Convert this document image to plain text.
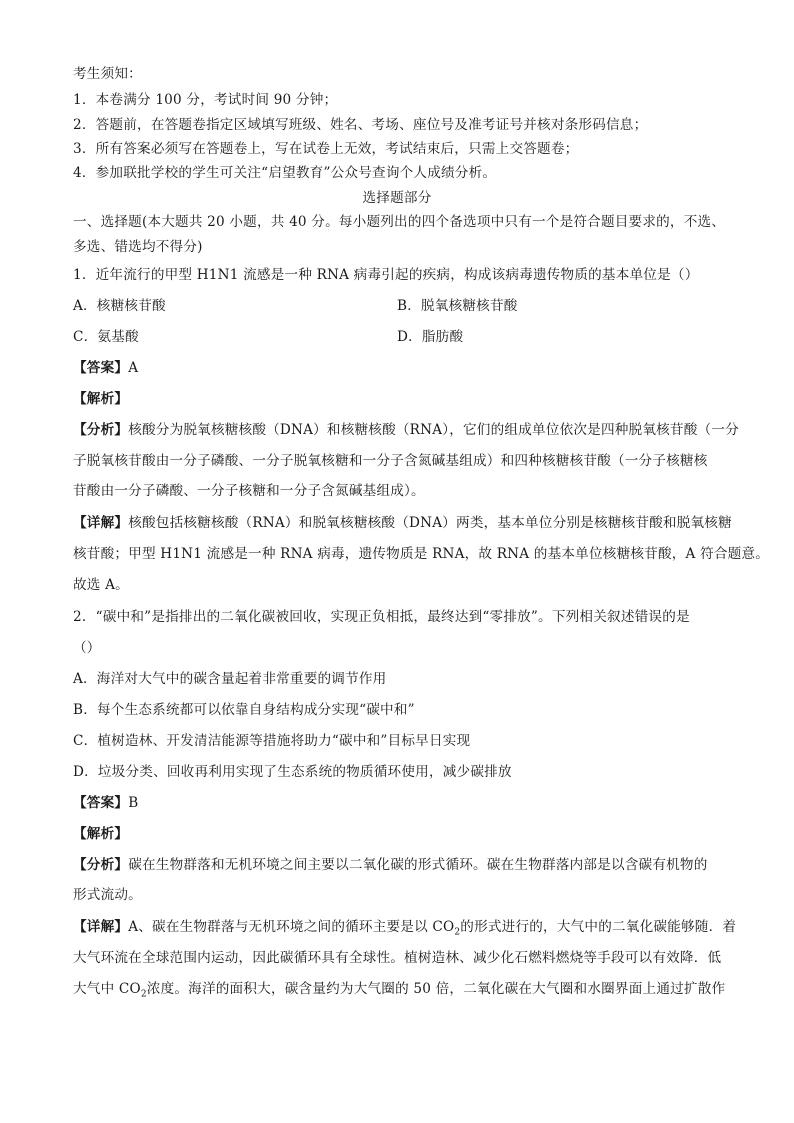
考生须知：
1．本卷满分 100 分，考试时间 90 分钟；
2．答题前，在答题卷指定区域填写班级、姓名、考场、座位号及准考证号并核对条形码信息；
3．所有答案必须写在答题卷上，写在试卷上无效，考试结束后，只需上交答题卷；
4．参加联批学校的学生可关注“启望教育”公众号查询个人成绩分析。
选择题部分
一、选择题(本大题共 20 小题，共 40 分。每小题列出的四个备选项中只有一个是符合题目要求的，不选、
多选、错选均不得分)
1．近年流行的甲型 H1N1 流感是一种 RNA 病毒引起的疾病，构成该病毒遗传物质的基本单位是（）
A．核糖核苷酸	B．脱氧核糖核苷酸
C．氨基酸	D．脂肪酸
【答案】A
【解析】
【分析】核酸分为脱氧核糖核酸（DNA）和核糖核酸（RNA），它们的组成单位依次是四种脱氧核苷酸（一分
子脱氧核苷酸由一分子磷酸、一分子脱氧核糖和一分子含氮碱基组成）和四种核糖核苷酸（一分子核糖核
苷酸由一分子磷酸、一分子核糖和一分子含氮碱基组成）。
【详解】核酸包括核糖核酸（RNA）和脱氧核糖核酸（DNA）两类，基本单位分别是核糖核苷酸和脱氧核糖
核苷酸；甲型 H1N1 流感是一种 RNA 病毒，遗传物质是 RNA，故 RNA 的基本单位核糖核苷酸，A 符合题意。
故选 A。
2．“碳中和”是指排出的二氧化碳被回收，实现正负相抵，最终达到“零排放”。下列相关叙述错误的是
（）
A．海洋对大气中的碳含量起着非常重要的调节作用
B．每个生态系统都可以依靠自身结构成分实现“碳中和”
C．植树造林、开发清洁能源等措施将助力“碳中和”目标早日实现
D．垃圾分类、回收再利用实现了生态系统的物质循环使用，减少碳排放
【答案】B
【解析】
【分析】碳在生物群落和无机环境之间主要以二氧化碳的形式循环。碳在生物群落内部是以含碳有机物的
形式流动。
【详解】A、碳在生物群落与无机环境之间的循环主要是以 $CO_2$的形式进行的，大气中的二氧化碳能够随．着
大气环流在全球范围内运动，因此碳循环具有全球性。植树造林、减少化石燃料燃烧等手段可以有效降．低
大气中 $CO_2$浓度。海洋的面积大，碳含量约为大气圈的 50 倍，二氧化碳在大气圈和水圈界面上通过扩散作
